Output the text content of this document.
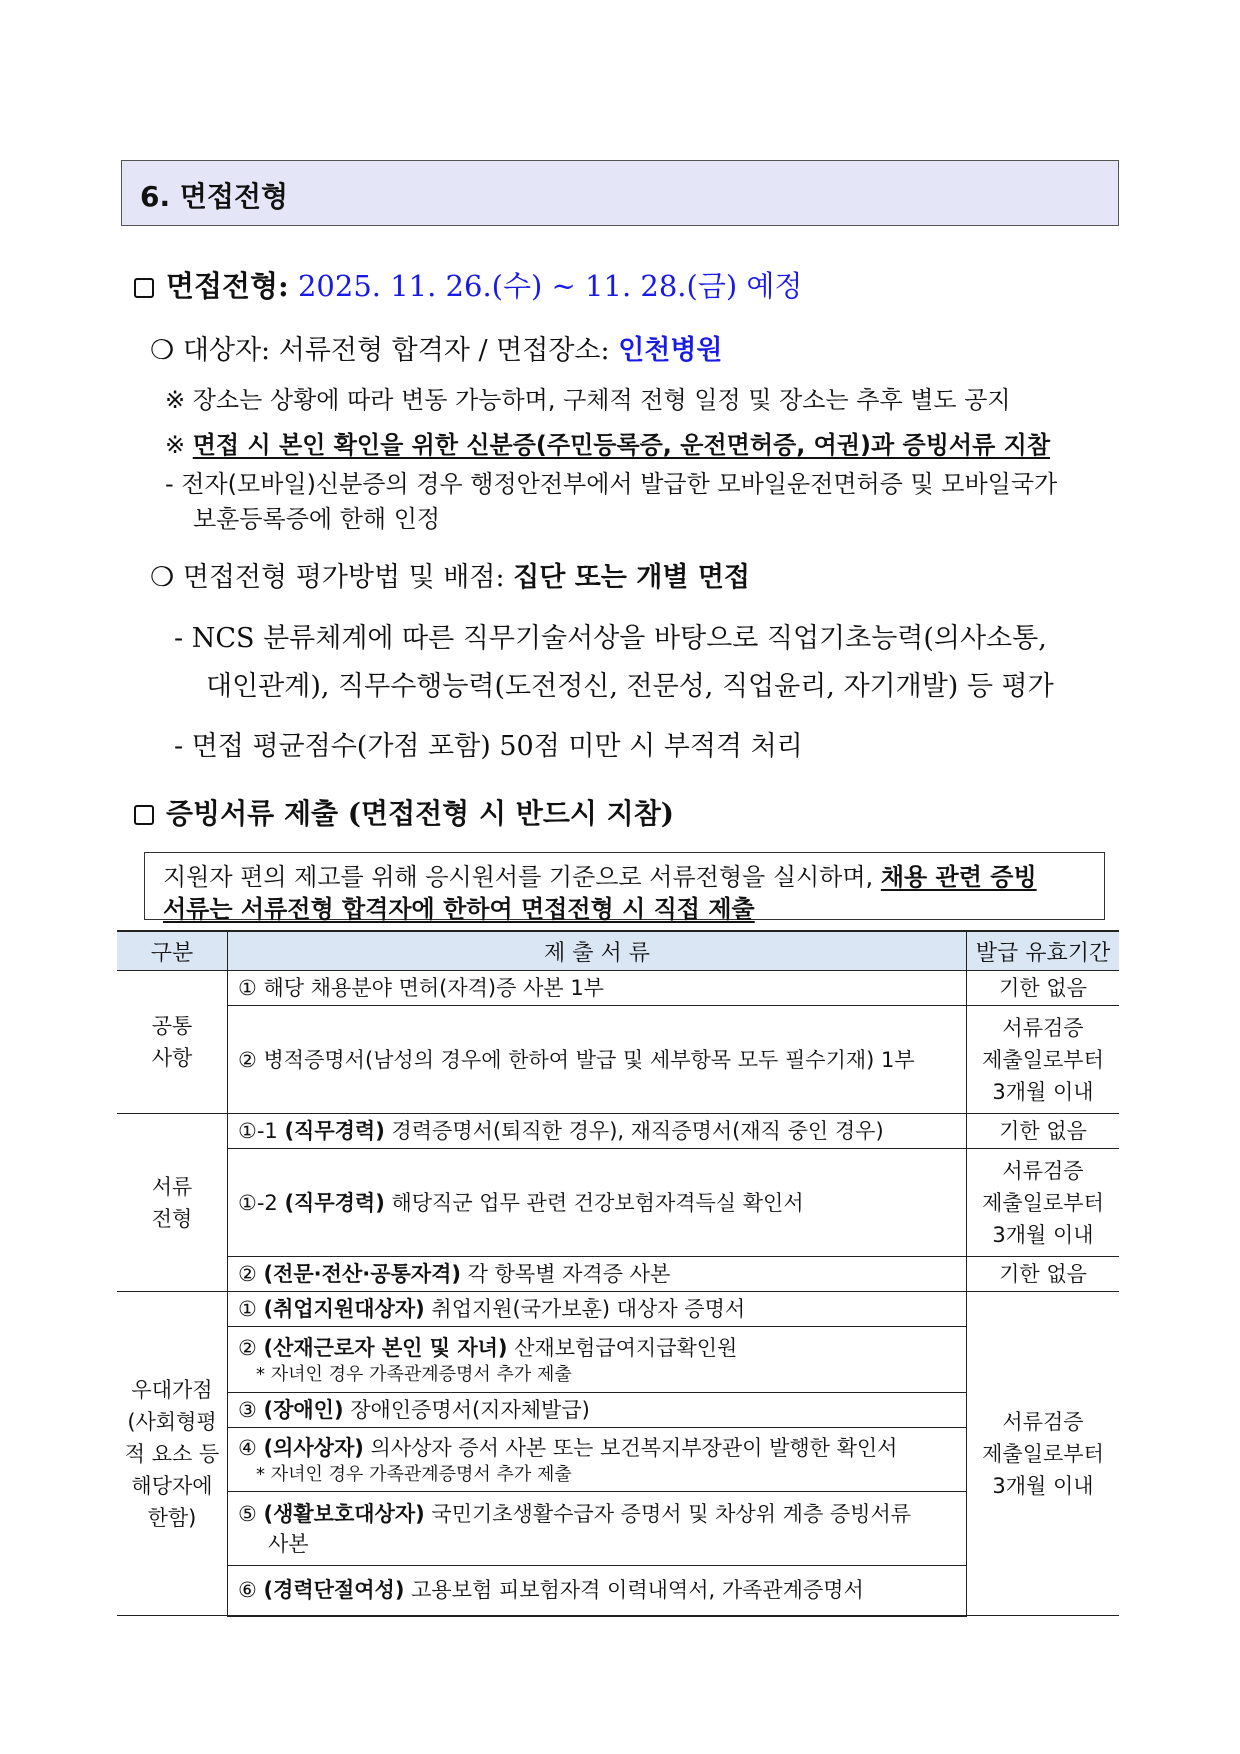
6. 면접전형
면접전형: 2025. 11. 26.(수) ~ 11. 28.(금) 예정
❍ 대상자: 서류전형 합격자 / 면접장소: 인천병원
※ 장소는 상황에 따라 변동 가능하며, 구체적 전형 일정 및 장소는 추후 별도 공지
※ 면접 시 본인 확인을 위한 신분증(주민등록증, 운전면허증, 여권)과 증빙서류 지참
- 전자(모바일)신분증의 경우 행정안전부에서 발급한 모바일운전면허증 및 모바일국가
보훈등록증에 한해 인정
❍ 면접전형 평가방법 및 배점: 집단 또는 개별 면접
- NCS 분류체계에 따른 직무기술서상을 바탕으로 직업기초능력(의사소통,
대인관계), 직무수행능력(도전정신, 전문성, 직업윤리, 자기개발) 등 평가
- 면접 평균점수(가점 포함) 50점 미만 시 부적격 처리
증빙서류 제출 (면접전형 시 반드시 지참)
지원자 편의 제고를 위해 응시원서를 기준으로 서류전형을 실시하며, 채용 관련 증빙
서류는 서류전형 합격자에 한하여 면접전형 시 직접 제출
구분	제 출 서 류	발급 유효기간
공통
사항	① 해당 채용분야 면허(자격)증 사본 1부	기한 없음
	② 병적증명서(남성의 경우에 한하여 발급 및 세부항목 모두 필수기재) 1부	서류검증
제출일로부터
3개월 이내
서류
전형	①-1 (직무경력) 경력증명서(퇴직한 경우), 재직증명서(재직 중인 경우)	기한 없음
	①-2 (직무경력) 해당직군 업무 관련 건강보험자격득실 확인서	서류검증
제출일로부터
3개월 이내
	② (전문·전산·공통자격) 각 항목별 자격증 사본	기한 없음
우대가점
(사회형평
적 요소 등
해당자에
한함)	① (취업지원대상자) 취업지원(국가보훈) 대상자 증명서	서류검증
제출일로부터
3개월 이내
	② (산재근로자 본인 및 자녀) 산재보험급여지급확인원
* 자녀인 경우 가족관계증명서 추가 제출	

	③ (장애인) 장애인증명서(지자체발급)	
	④ (의사상자) 의사상자 증서 사본 또는 보건복지부장관이 발행한 확인서
* 자녀인 경우 가족관계증명서 추가 제출	

	⑤ (생활보호대상자) 국민기초생활수급자 증명서 및 차상위 계층 증빙서류
사본	
	⑥ (경력단절여성) 고용보험 피보험자격 이력내역서, 가족관계증명서	
